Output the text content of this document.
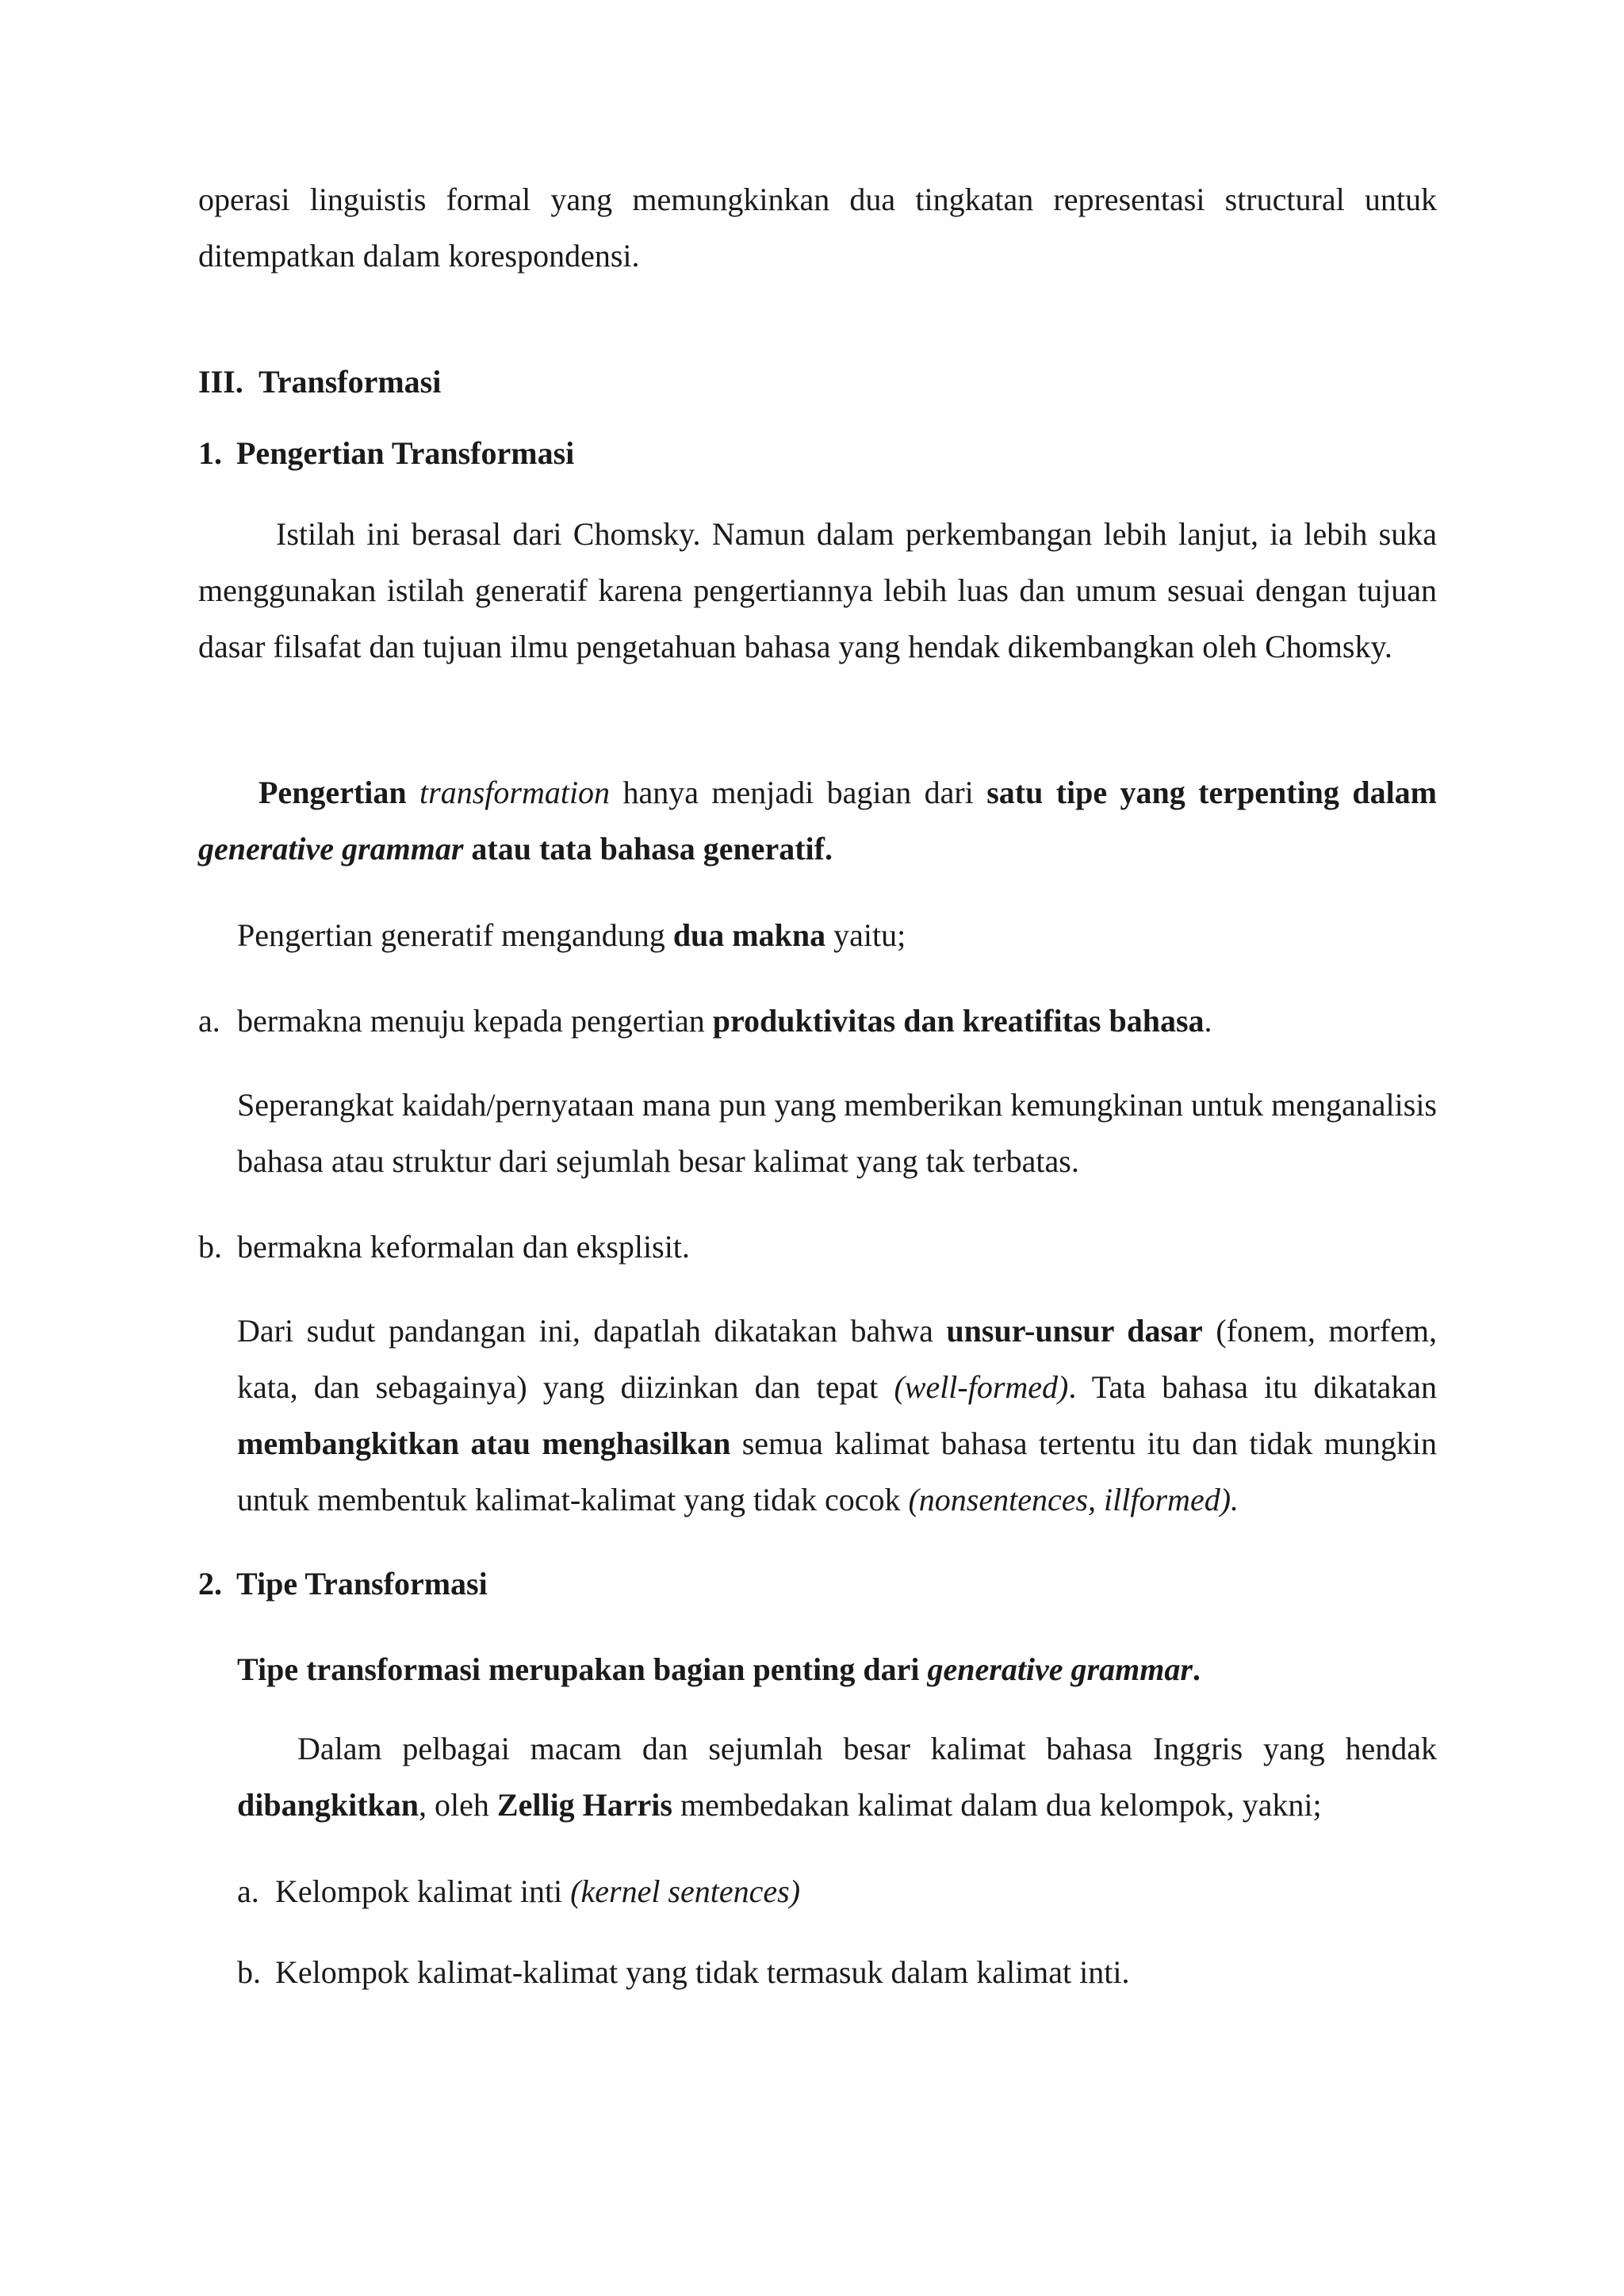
operasi linguistis formal yang memungkinkan dua tingkatan representasi structural untuk ditempatkan dalam korespondensi.

III. Transformasi
1. Pengertian Transformasi

Istilah ini berasal dari Chomsky. Namun dalam perkembangan lebih lanjut, ia lebih suka menggunakan istilah generatif karena pengertiannya lebih luas dan umum sesuai dengan tujuan dasar filsafat dan tujuan ilmu pengetahuan bahasa yang hendak dikembangkan oleh Chomsky.

Pengertian transformation hanya menjadi bagian dari satu tipe yang terpenting dalam generative grammar atau tata bahasa generatif.

Pengertian generatif mengandung dua makna yaitu;

a. bermakna menuju kepada pengertian produktivitas dan kreatifitas bahasa.

Seperangkat kaidah/pernyataan mana pun yang memberikan kemungkinan untuk menganalisis bahasa atau struktur dari sejumlah besar kalimat yang tak terbatas.

b. bermakna keformalan dan eksplisit.

Dari sudut pandangan ini, dapatlah dikatakan bahwa unsur-unsur dasar (fonem, morfem, kata, dan sebagainya) yang diizinkan dan tepat (well-formed). Tata bahasa itu dikatakan membangkitkan atau menghasilkan semua kalimat bahasa tertentu itu dan tidak mungkin untuk membentuk kalimat-kalimat yang tidak cocok (nonsentences, illformed).

2. Tipe Transformasi
Tipe transformasi merupakan bagian penting dari generative grammar.

Dalam pelbagai macam dan sejumlah besar kalimat bahasa Inggris yang hendak dibangkitkan, oleh Zellig Harris membedakan kalimat dalam dua kelompok, yakni;

a. Kelompok kalimat inti (kernel sentences)
b. Kelompok kalimat-kalimat yang tidak termasuk dalam kalimat inti.
